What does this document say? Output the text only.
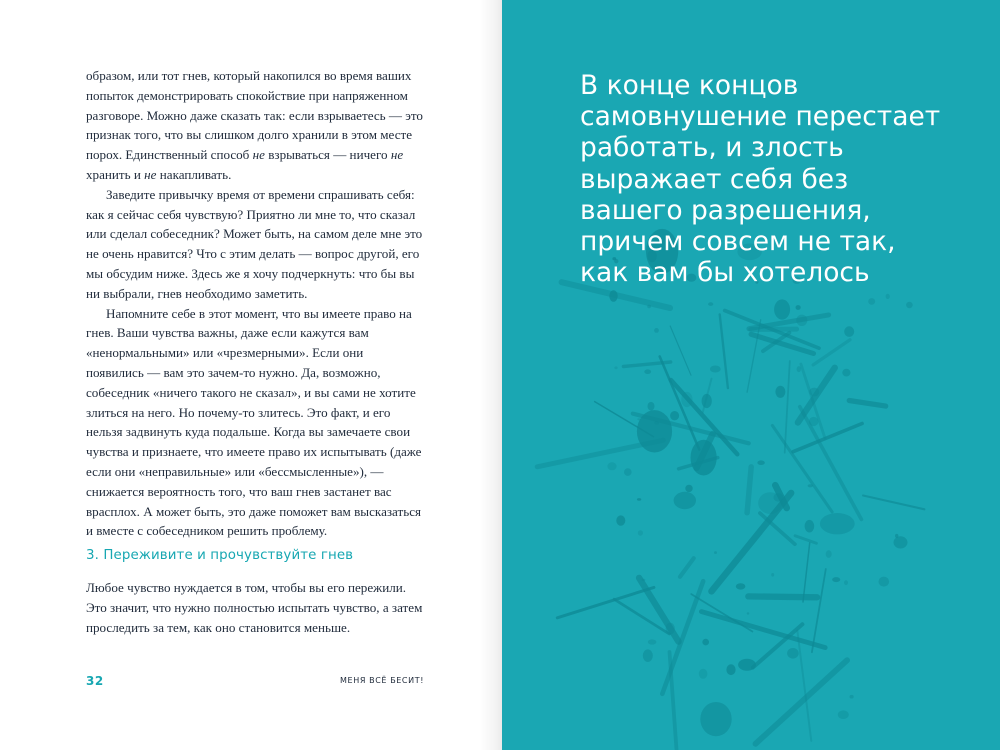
образом, или тот гнев, который накопился во время ваших попыток демонстрировать спокойствие при напряженном разговоре. Можно даже сказать так: если взрываетесь — это признак того, что вы слишком долго хранили в этом месте порох. Единственный способ не взрываться — ничего не хранить и не накапливать.

Заведите привычку время от времени спрашивать себя: как я сейчас себя чувствую? Приятно ли мне то, что сказал или сделал собеседник? Может быть, на самом деле мне это не очень нравится? Что с этим делать — вопрос другой, его мы обсудим ниже. Здесь же я хочу подчеркнуть: что бы вы ни выбрали, гнев необходимо заметить.

Напомните себе в этот момент, что вы имеете право на гнев. Ваши чувства важны, даже если кажутся вам «ненормальными» или «чрезмерными». Если они появились — вам это зачем-то нужно. Да, возможно, собеседник «ничего такого не сказал», и вы сами не хотите злиться на него. Но почему-то злитесь. Это факт, и его нельзя задвинуть куда подальше. Когда вы замечаете свои чувства и признаете, что имеете право их испытывать (даже если они «неправильные» или «бессмысленные»), — снижается вероятность того, что ваш гнев застанет вас врасплох. А может быть, это даже поможет вам высказаться и вместе с собеседником решить проблему.

3. Переживите и прочувствуйте гнев

Любое чувство нуждается в том, чтобы вы его пережили. Это значит, что нужно полностью испытать чувство, а затем проследить за тем, как оно становится меньше.

32	МЕНЯ ВСЁ БЕСИТ!
В конце концов
самовнушение перестает
работать, и злость
выражает себя без
вашего разрешения,
причем совсем не так,
как вам бы хотелось
